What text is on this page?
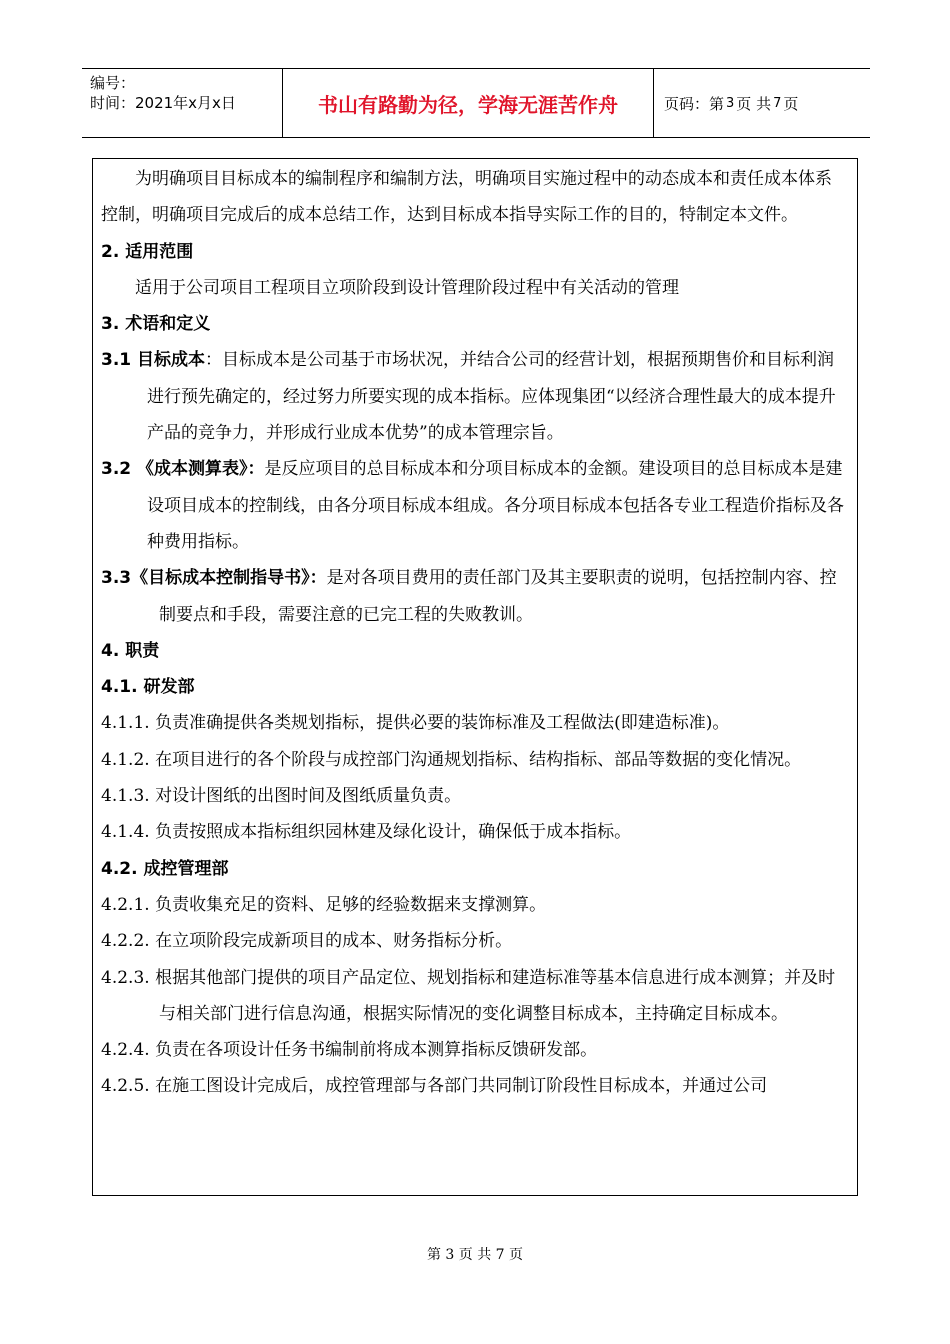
编号：
时间：2021年x月x日	书山有路勤为径，学海无涯苦作舟	页码：第 3 页 共 7 页

为明确项目目标成本的编制程序和编制方法，明确项目实施过程中的动态成本和责任成本体系控制，明确项目完成后的成本总结工作，达到目标成本指导实际工作的目的，特制定本文件。

2. 适用范围

适用于公司项目工程项目立项阶段到设计管理阶段过程中有关活动的管理

3. 术语和定义

3.1 目标成本：目标成本是公司基于市场状况，并结合公司的经营计划，根据预期售价和目标利润进行预先确定的，经过努力所要实现的成本指标。应体现集团“以经济合理性最大的成本提升产品的竞争力，并形成行业成本优势”的成本管理宗旨。

3.2 《成本测算表》：是反应项目的总目标成本和分项目标成本的金额。建设项目的总目标成本是建设项目成本的控制线，由各分项目标成本组成。各分项目标成本包括各专业工程造价指标及各种费用指标。

3.3《目标成本控制指导书》：是对各项目费用的责任部门及其主要职责的说明，包括控制内容、控制要点和手段，需要注意的已完工程的失败教训。

4. 职责

4.1. 研发部

4.1.1. 负责准确提供各类规划指标，提供必要的装饰标准及工程做法(即建造标准)。

4.1.2. 在项目进行的各个阶段与成控部门沟通规划指标、结构指标、部品等数据的变化情况。

4.1.3. 对设计图纸的出图时间及图纸质量负责。

4.1.4. 负责按照成本指标组织园林建及绿化设计，确保低于成本指标。

4.2. 成控管理部

4.2.1. 负责收集充足的资料、足够的经验数据来支撑测算。

4.2.2. 在立项阶段完成新项目的成本、财务指标分析。

4.2.3. 根据其他部门提供的项目产品定位、规划指标和建造标准等基本信息进行成本测算；并及时与相关部门进行信息沟通，根据实际情况的变化调整目标成本，主持确定目标成本。

4.2.4. 负责在各项设计任务书编制前将成本测算指标反馈研发部。

4.2.5. 在施工图设计完成后，成控管理部与各部门共同制订阶段性目标成本，并通过公司

第 3 页 共 7 页
